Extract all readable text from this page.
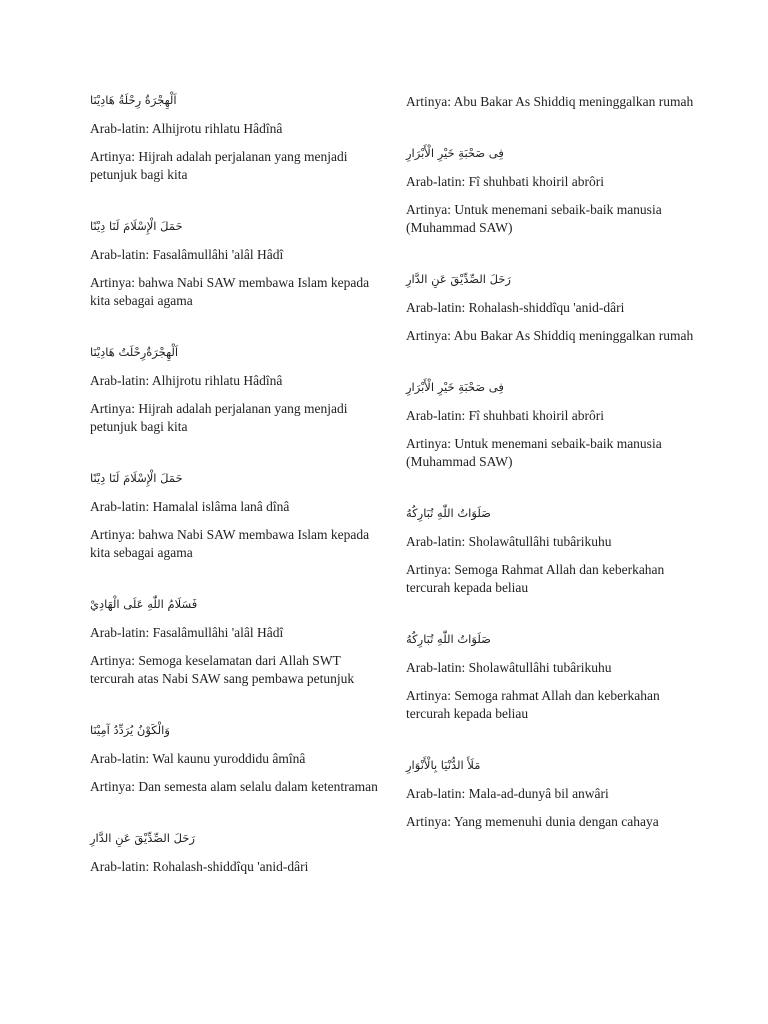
اَلْهِجْرَةُ رِحْلَةُ هَادِيْنَا

Arab-latin: Alhijrotu rihlatu Hâdînâ

Artinya: Hijrah adalah perjalanan yang menjadi petunjuk bagi kita

حَمَلَ الْإِسْلَامَ لَنَا دِيْنًا

Arab-latin: Fasalâmullâhi 'alâl Hâdî

Artinya: bahwa Nabi SAW membawa Islam kepada kita sebagai agama

اَلْهِجْرَةُرِحْلَتُ هَادِيْنَا

Arab-latin: Alhijrotu rihlatu Hâdînâ

Artinya: Hijrah adalah perjalanan yang menjadi petunjuk bagi kita

حَمَلَ الْإِسْلَامَ لَنَا دِيْنًا

Arab-latin: Hamalal islâma lanâ dînâ

Artinya: bahwa Nabi SAW membawa Islam kepada kita sebagai agama

فَسَلَامُ اللّٰهِ عَلَى الْهَادِيْ

Arab-latin: Fasalâmullâhi 'alâl Hâdî

Artinya: Semoga keselamatan dari Allah SWT tercurah atas Nabi SAW sang pembawa petunjuk

وَالْكَوْنُ يُرَدِّدُ آمِيْنَا

Arab-latin: Wal kaunu yuroddidu âmînâ

Artinya: Dan semesta alam selalu dalam ketentraman

رَحَلَ الصِّدِّيْقَ عَنِ الدَّارِ

Arab-latin: Rohalash-shiddîqu 'anid-dâri

Artinya: Abu Bakar As Shiddiq meninggalkan rumah

فِى صَحْبَةِ خَيْرِ الْأَبْرَارِ

Arab-latin: Fî shuhbati khoiril abrôri

Artinya: Untuk menemani sebaik-baik manusia (Muhammad SAW)

رَحَلَ الصِّدِّيْقَ عَنِ الدَّارِ

Arab-latin: Rohalash-shiddîqu 'anid-dâri

Artinya: Abu Bakar As Shiddiq meninggalkan rumah

فِى صَحْبَةِ خَيْرِ الْأَبْرَارِ

Arab-latin: Fî shuhbati khoiril abrôri

Artinya: Untuk menemani sebaik-baik manusia (Muhammad SAW)

صَلَوَاتُ اللّٰهِ تُبَارِكُهُ

Arab-latin: Sholawâtullâhi tubârikuhu

Artinya: Semoga Rahmat Allah dan keberkahan tercurah kepada beliau

صَلَوَاتُ اللّٰهِ تُبَارِكُهُ

Arab-latin: Sholawâtullâhi tubârikuhu

Artinya: Semoga rahmat Allah dan keberkahan tercurah kepada beliau

مَلَأَ الدُّنْيَا بِالْأَنْوَارِ

Arab-latin: Mala-ad-dunyâ bil anwâri

Artinya: Yang memenuhi dunia dengan cahaya
